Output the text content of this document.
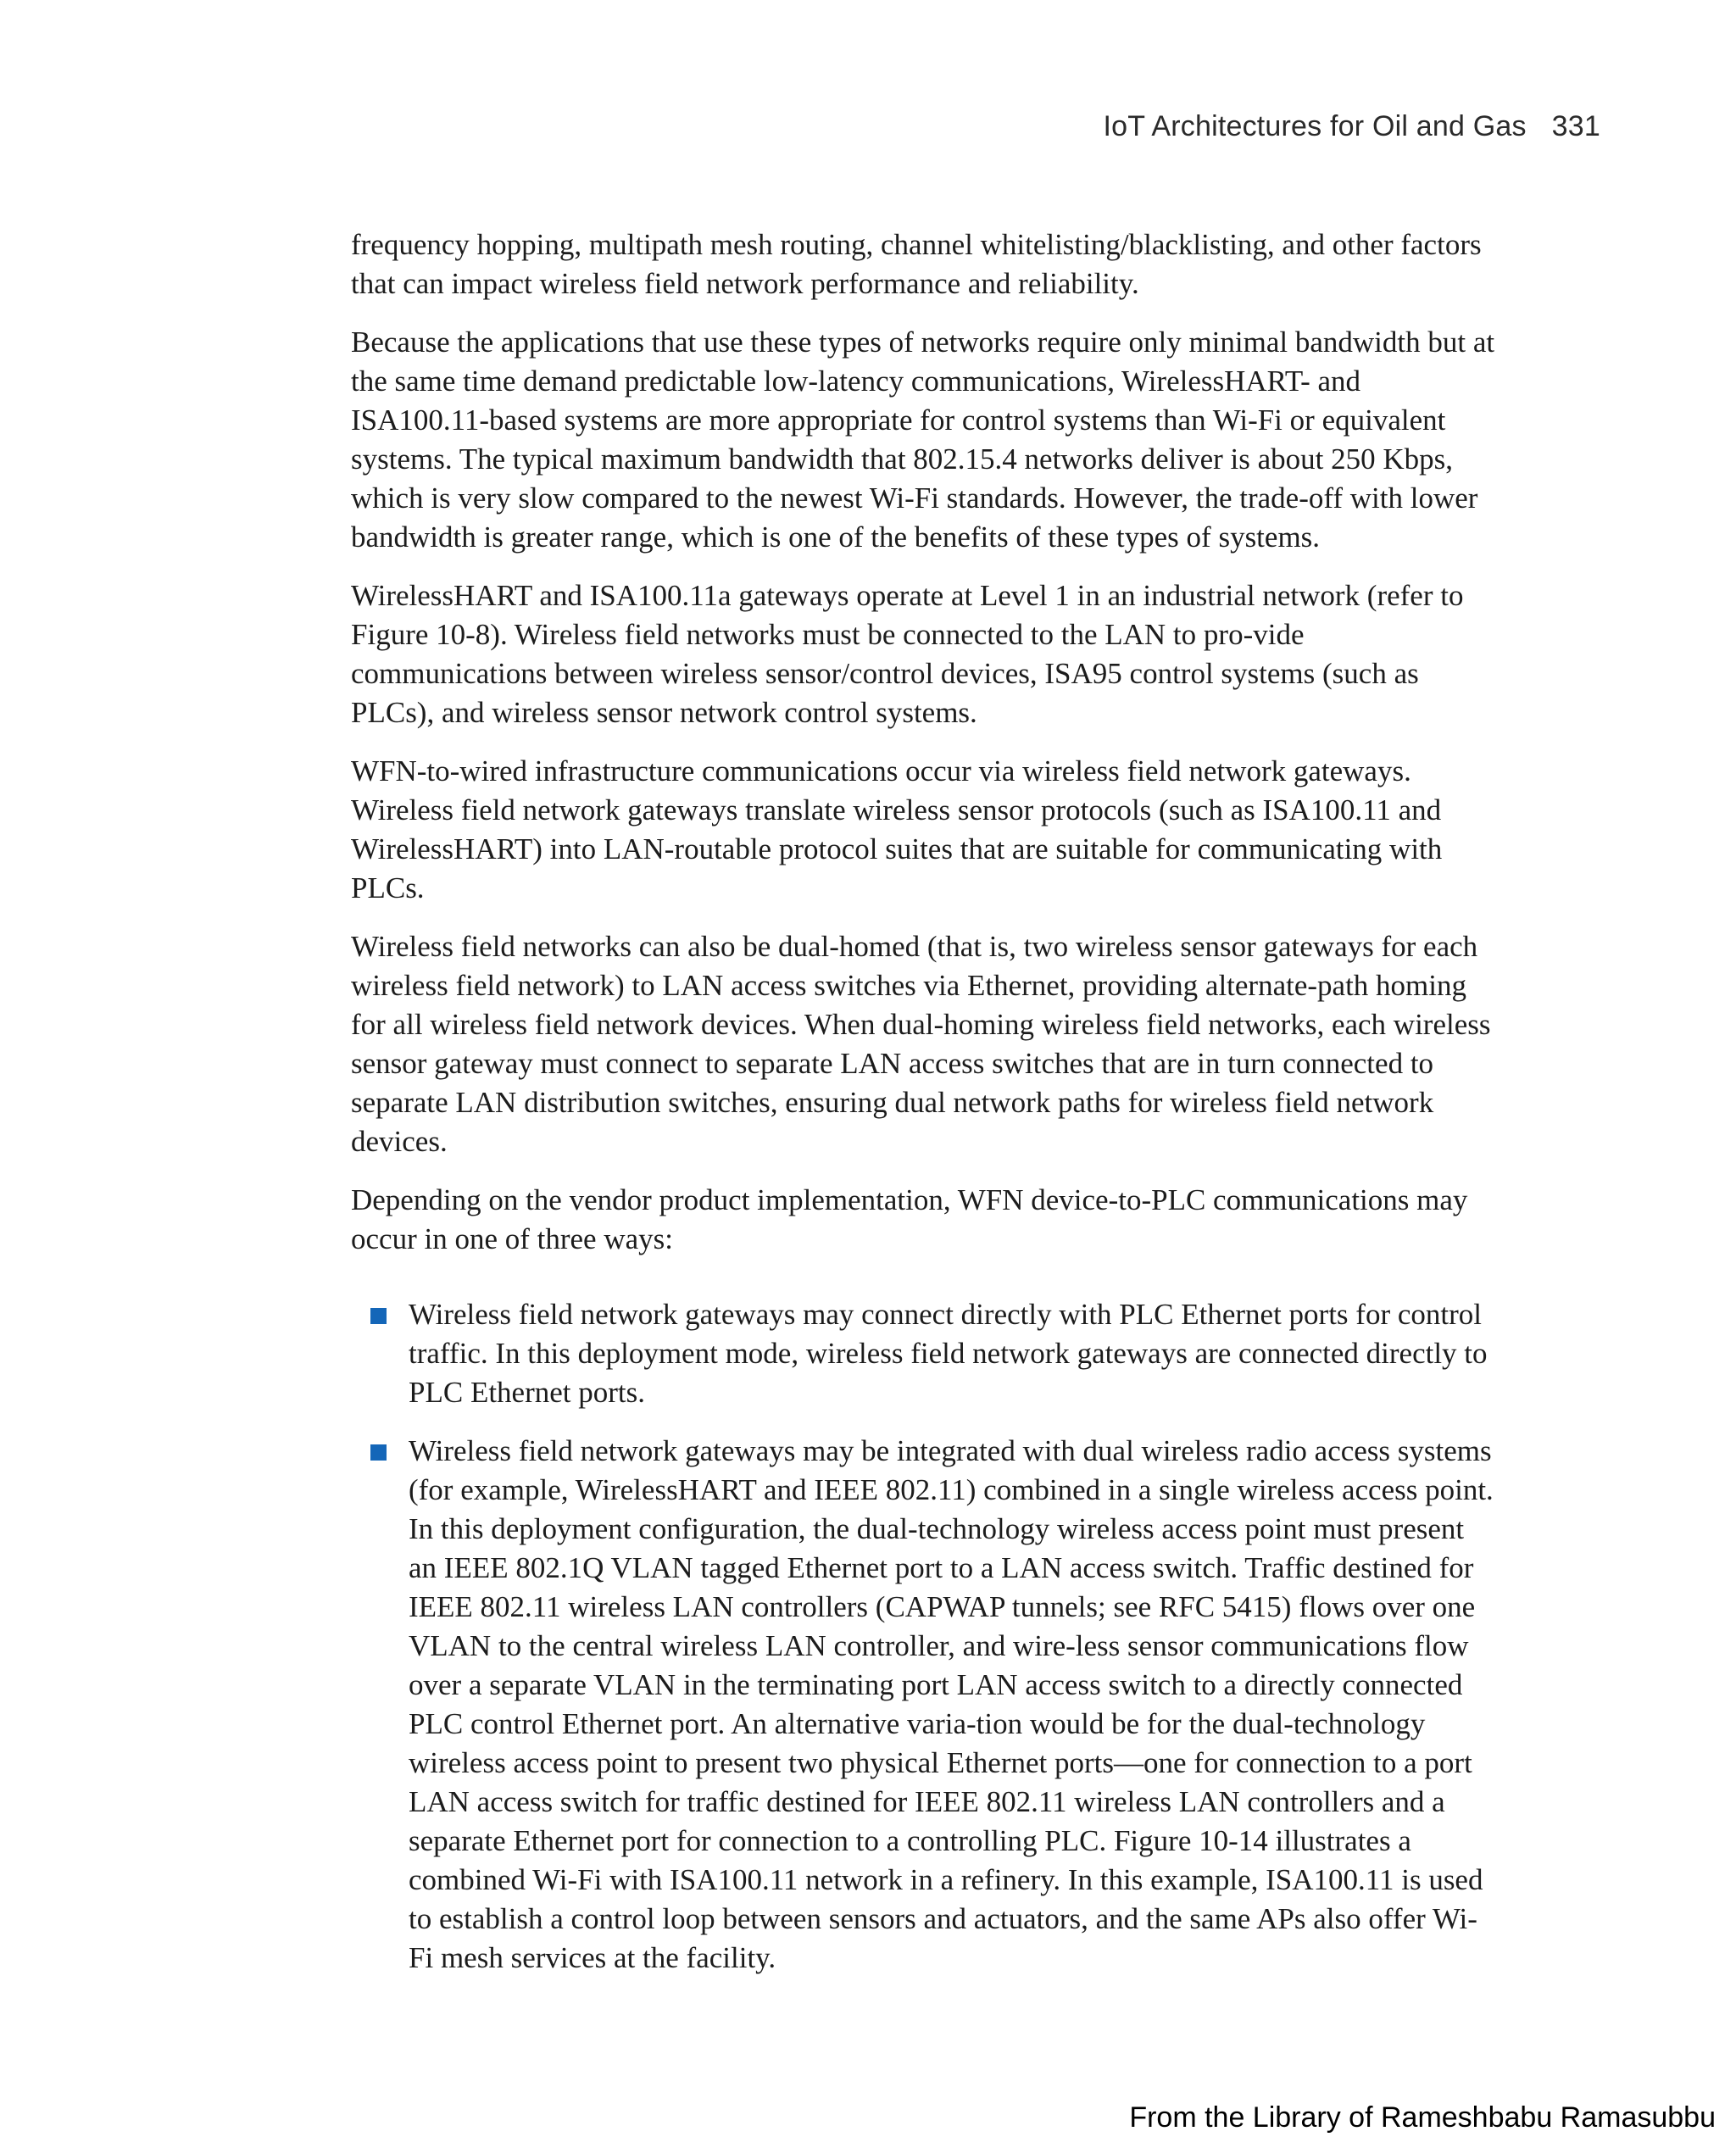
IoT Architectures for Oil and Gas 331

frequency hopping, multipath mesh routing, channel whitelisting/blacklisting, and other factors that can impact wireless field network performance and reliability.

Because the applications that use these types of networks require only minimal bandwidth but at the same time demand predictable low-latency communications, WirelessHART- and ISA100.11-based systems are more appropriate for control systems than Wi-Fi or equivalent systems. The typical maximum bandwidth that 802.15.4 networks deliver is about 250 Kbps, which is very slow compared to the newest Wi-Fi standards. However, the trade-off with lower bandwidth is greater range, which is one of the benefits of these types of systems.

WirelessHART and ISA100.11a gateways operate at Level 1 in an industrial network (refer to Figure 10-8). Wireless field networks must be connected to the LAN to pro-vide communications between wireless sensor/control devices, ISA95 control systems (such as PLCs), and wireless sensor network control systems.

WFN-to-wired infrastructure communications occur via wireless field network gateways. Wireless field network gateways translate wireless sensor protocols (such as ISA100.11 and WirelessHART) into LAN-routable protocol suites that are suitable for communicating with PLCs.

Wireless field networks can also be dual-homed (that is, two wireless sensor gateways for each wireless field network) to LAN access switches via Ethernet, providing alternate-path homing for all wireless field network devices. When dual-homing wireless field networks, each wireless sensor gateway must connect to separate LAN access switches that are in turn connected to separate LAN distribution switches, ensuring dual network paths for wireless field network devices.

Depending on the vendor product implementation, WFN device-to-PLC communications may occur in one of three ways:

Wireless field network gateways may connect directly with PLC Ethernet ports for control traffic. In this deployment mode, wireless field network gateways are connected directly to PLC Ethernet ports.
Wireless field network gateways may be integrated with dual wireless radio access systems (for example, WirelessHART and IEEE 802.11) combined in a single wireless access point. In this deployment configuration, the dual-technology wireless access point must present an IEEE 802.1Q VLAN tagged Ethernet port to a LAN access switch. Traffic destined for IEEE 802.11 wireless LAN controllers (CAPWAP tunnels; see RFC 5415) flows over one VLAN to the central wireless LAN controller, and wire-less sensor communications flow over a separate VLAN in the terminating port LAN access switch to a directly connected PLC control Ethernet port. An alternative varia-tion would be for the dual-technology wireless access point to present two physical Ethernet ports—one for connection to a port LAN access switch for traffic destined for IEEE 802.11 wireless LAN controllers and a separate Ethernet port for connection to a controlling PLC. Figure 10-14 illustrates a combined Wi-Fi with ISA100.11 network in a refinery. In this example, ISA100.11 is used to establish a control loop between sensors and actuators, and the same APs also offer Wi-Fi mesh services at the facility.
From the Library of Rameshbabu Ramasubbu
